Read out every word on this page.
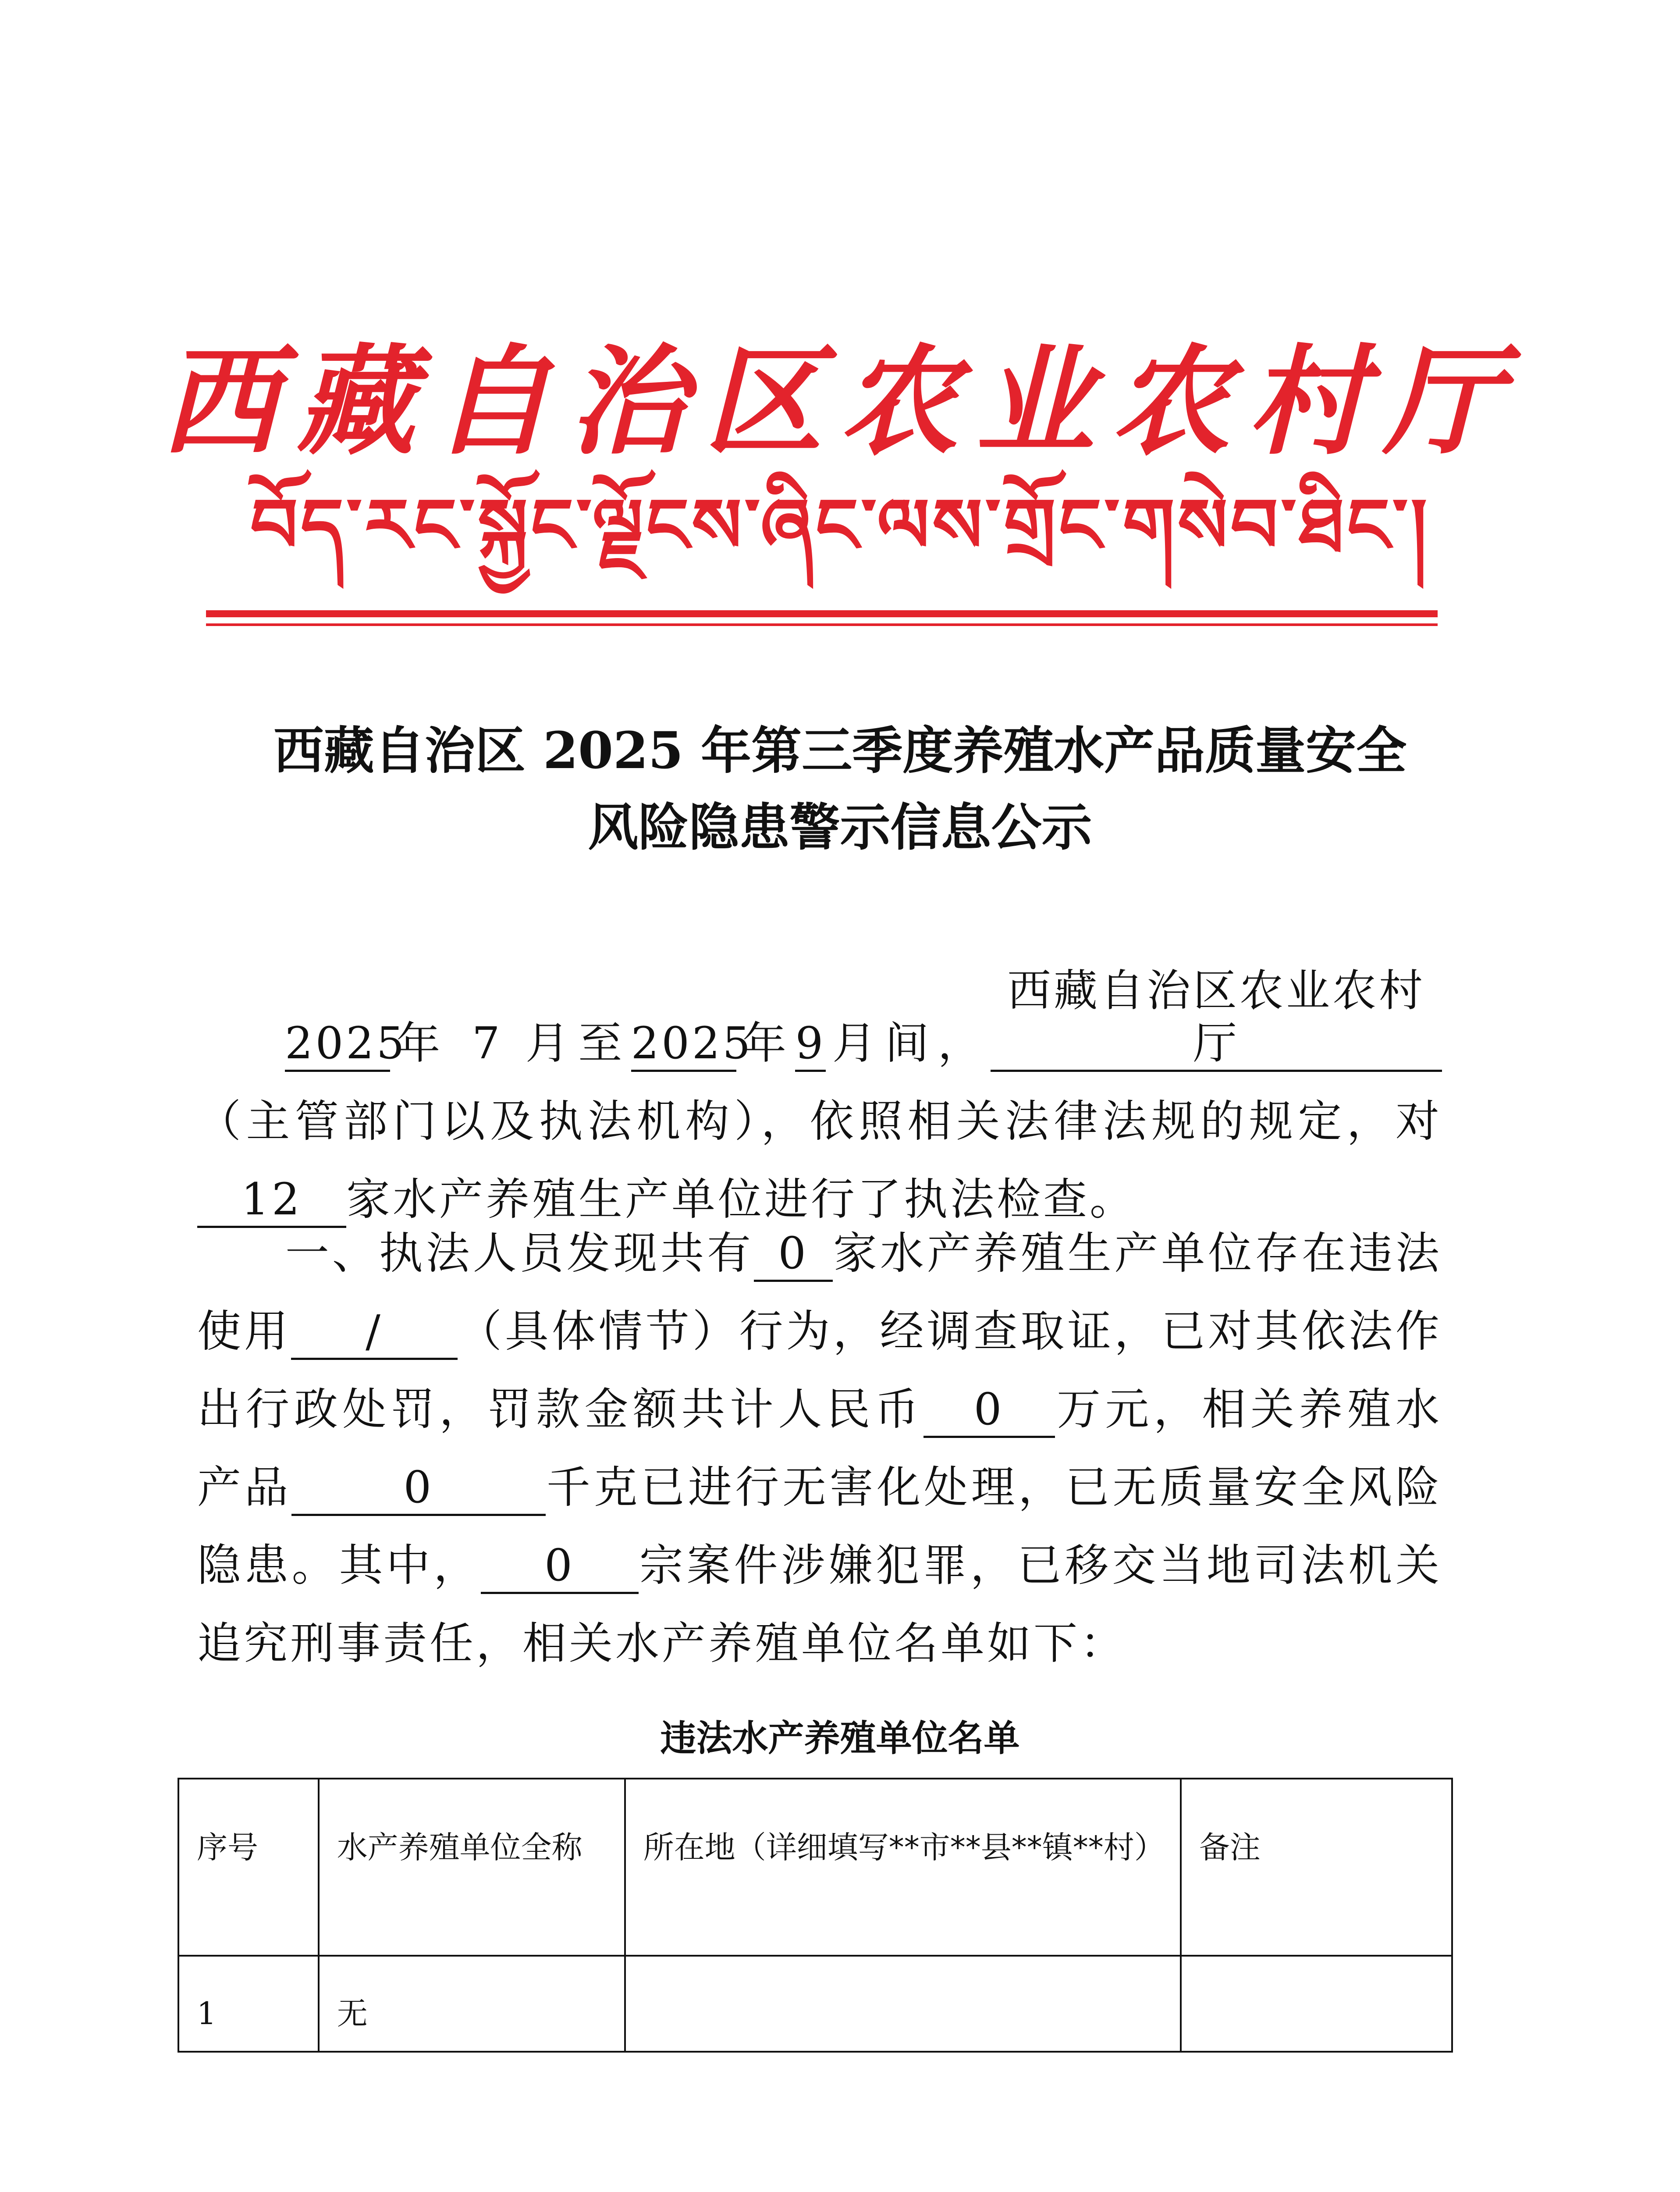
西藏自治区农业农村厅
བོད་རང་སྐྱོང་ལྗོངས་ཞིང་ལས་གྲོང་གསེབ་ཐིང་།
西藏自治区 2025 年第三季度养殖水产品质量安全
风险隐患警示信息公示
2025年 7 月至2025年9月间，西藏自治区农业农村厅（主管部门以及执法机构），依照相关法律法规的规定，对12 家水产养殖生产单位进行了执法检查。
一、执法人员发现共有 0 家水产养殖生产单位存在违法使用 / （具体情节）行为，经调查取证，已对其依法作出行政处罚，罚款金额共计人民币 0 万元，相关养殖水产品	0	千克已进行无害化处理，已无质量安全风险隐患。其中， 0 宗案件涉嫌犯罪，已移交当地司法机关追究刑事责任，相关水产养殖单位名单如下：
违法水产养殖单位名单
序号	水产养殖单位全称	所在地（详细填写**市**县**镇**村）	备注
1	无		
